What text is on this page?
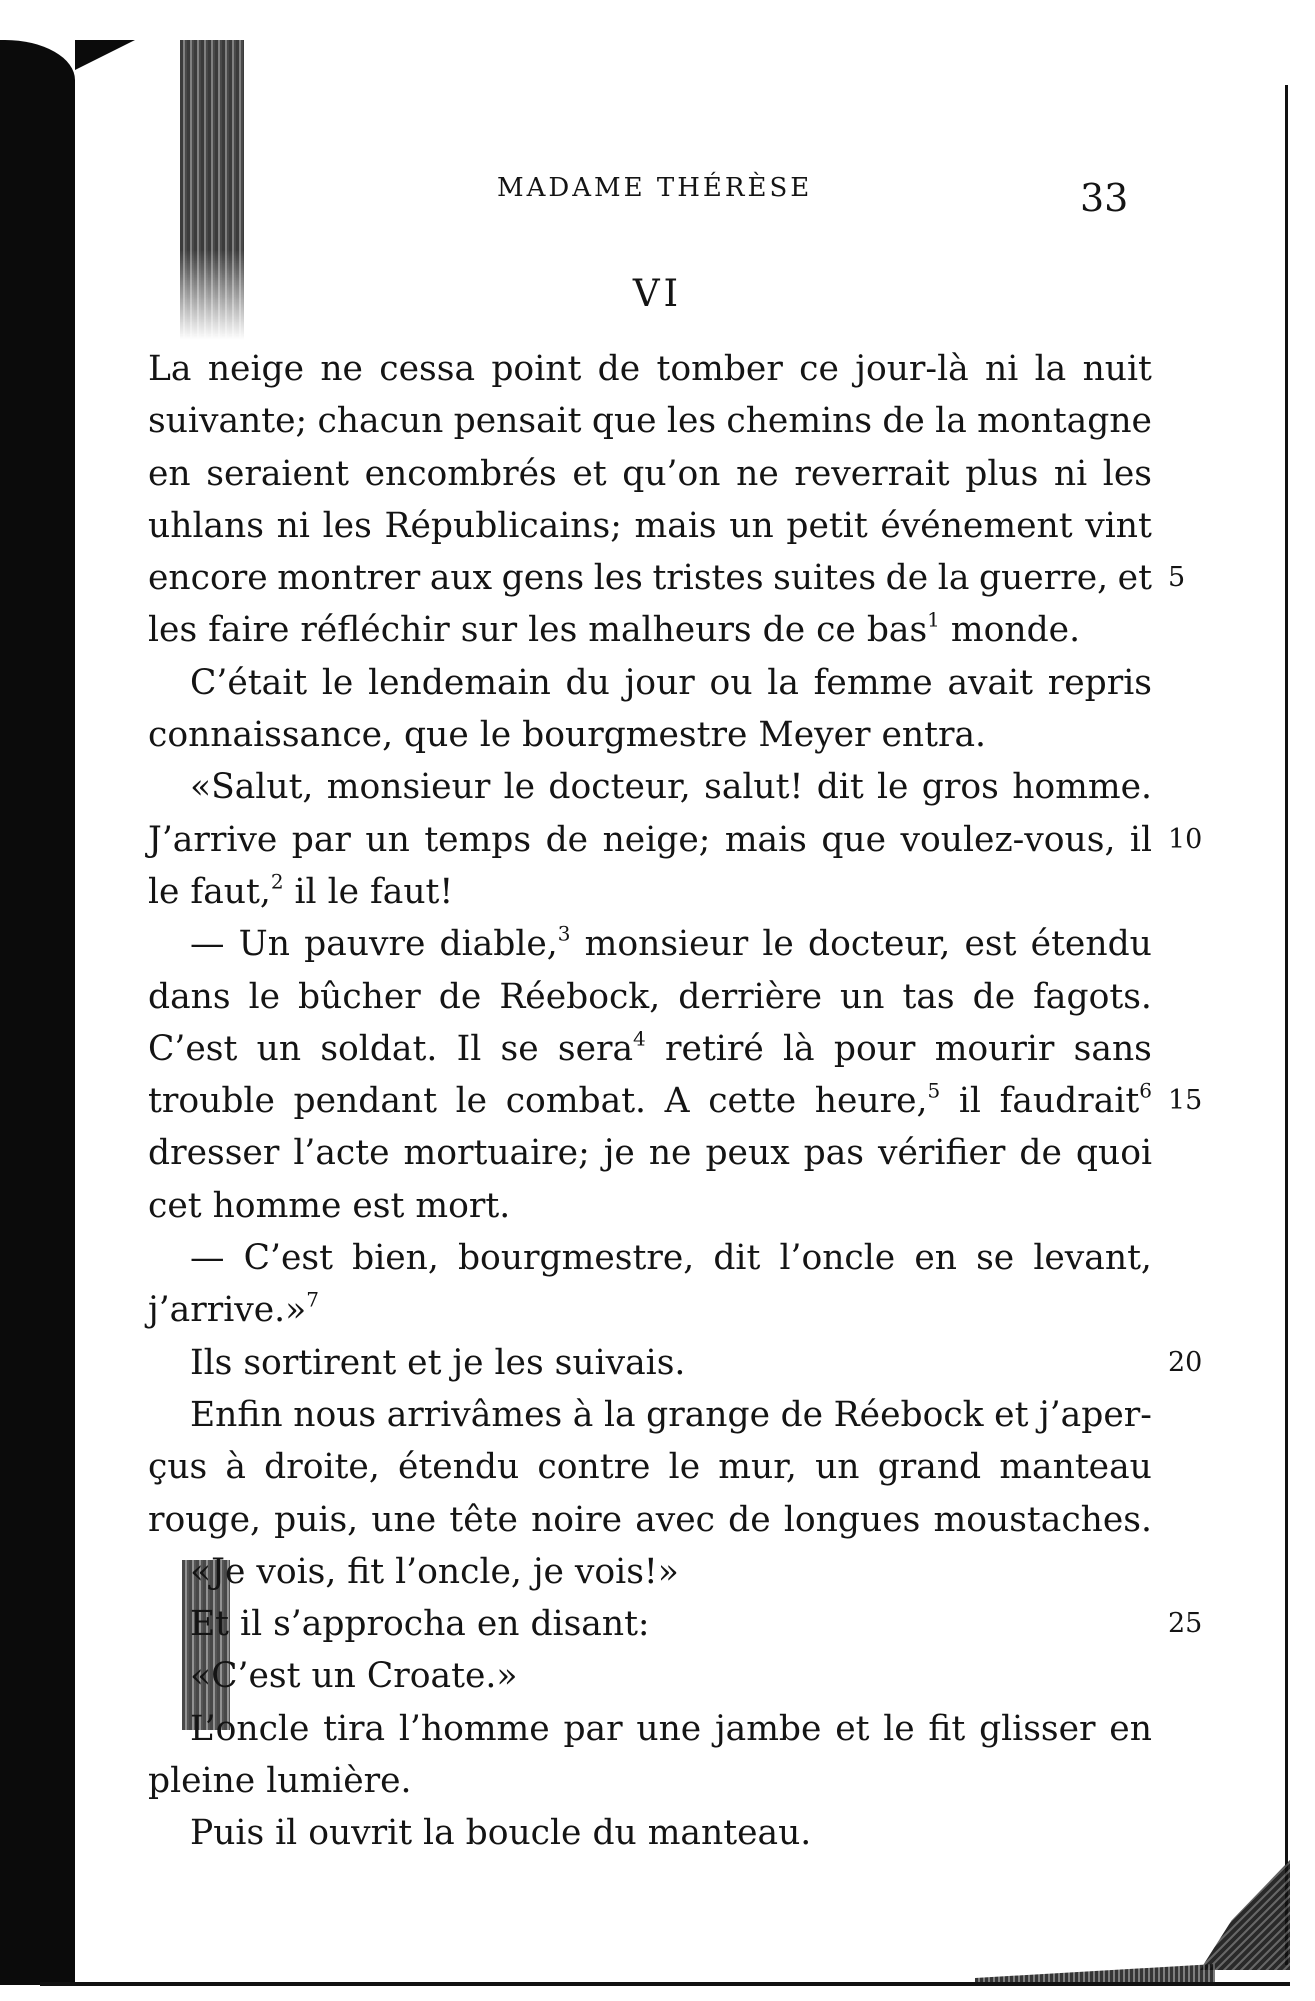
MADAME THÉRÈSE	33
VI
La neige ne cessa point de tomber ce jour-là ni la nuit
suivante; chacun pensait que les chemins de la montagne
en seraient encombrés et qu’on ne reverrait plus ni les
uhlans ni les Républicains; mais un petit événement vint
encore montrer aux gens les tristes suites de la guerre, et
les
faire
réfléchir
sur
les
malheurs
de
ce
bas$^1$
monde.
C’était le lendemain du jour ou la femme avait repris
connaissance,
que
le
bourgmestre
Meyer
entra.
«Salut, monsieur le docteur, salut! dit le gros homme.
J’arrive par un temps de neige; mais que voulez-vous, il
le
faut,$^2$
il
le
faut!
— Un pauvre diable,$^3$ monsieur le docteur, est étendu
dans le bûcher de Réebock, derrière un tas de fagots.
C’est un soldat. Il se sera$^4$ retiré là pour mourir sans
trouble pendant le combat. A cette heure,$^5$ il faudrait$^6$
dresser l’acte mortuaire; je ne peux pas vérifier de quoi
cet
homme
est
mort.
— C’est bien, bourgmestre, dit l’oncle en se levant,
j’arrive.»$^7$
Ils
sortirent
et
je
les
suivais.
Enfin nous arrivâmes à la grange de Réebock et j’aper-
çus à droite, étendu contre le mur, un grand manteau
rouge, puis, une tête noire avec de longues moustaches.
«Je
vois,
fit
l’oncle,
je
vois!»
Et
il
s’approcha
en
disant:
«C’est
un
Croate.»
L’oncle tira l’homme par une jambe et le fit glisser en
pleine
lumière.
Puis
il
ouvrit
la
boucle
du
manteau.
5
10
15
20
25
